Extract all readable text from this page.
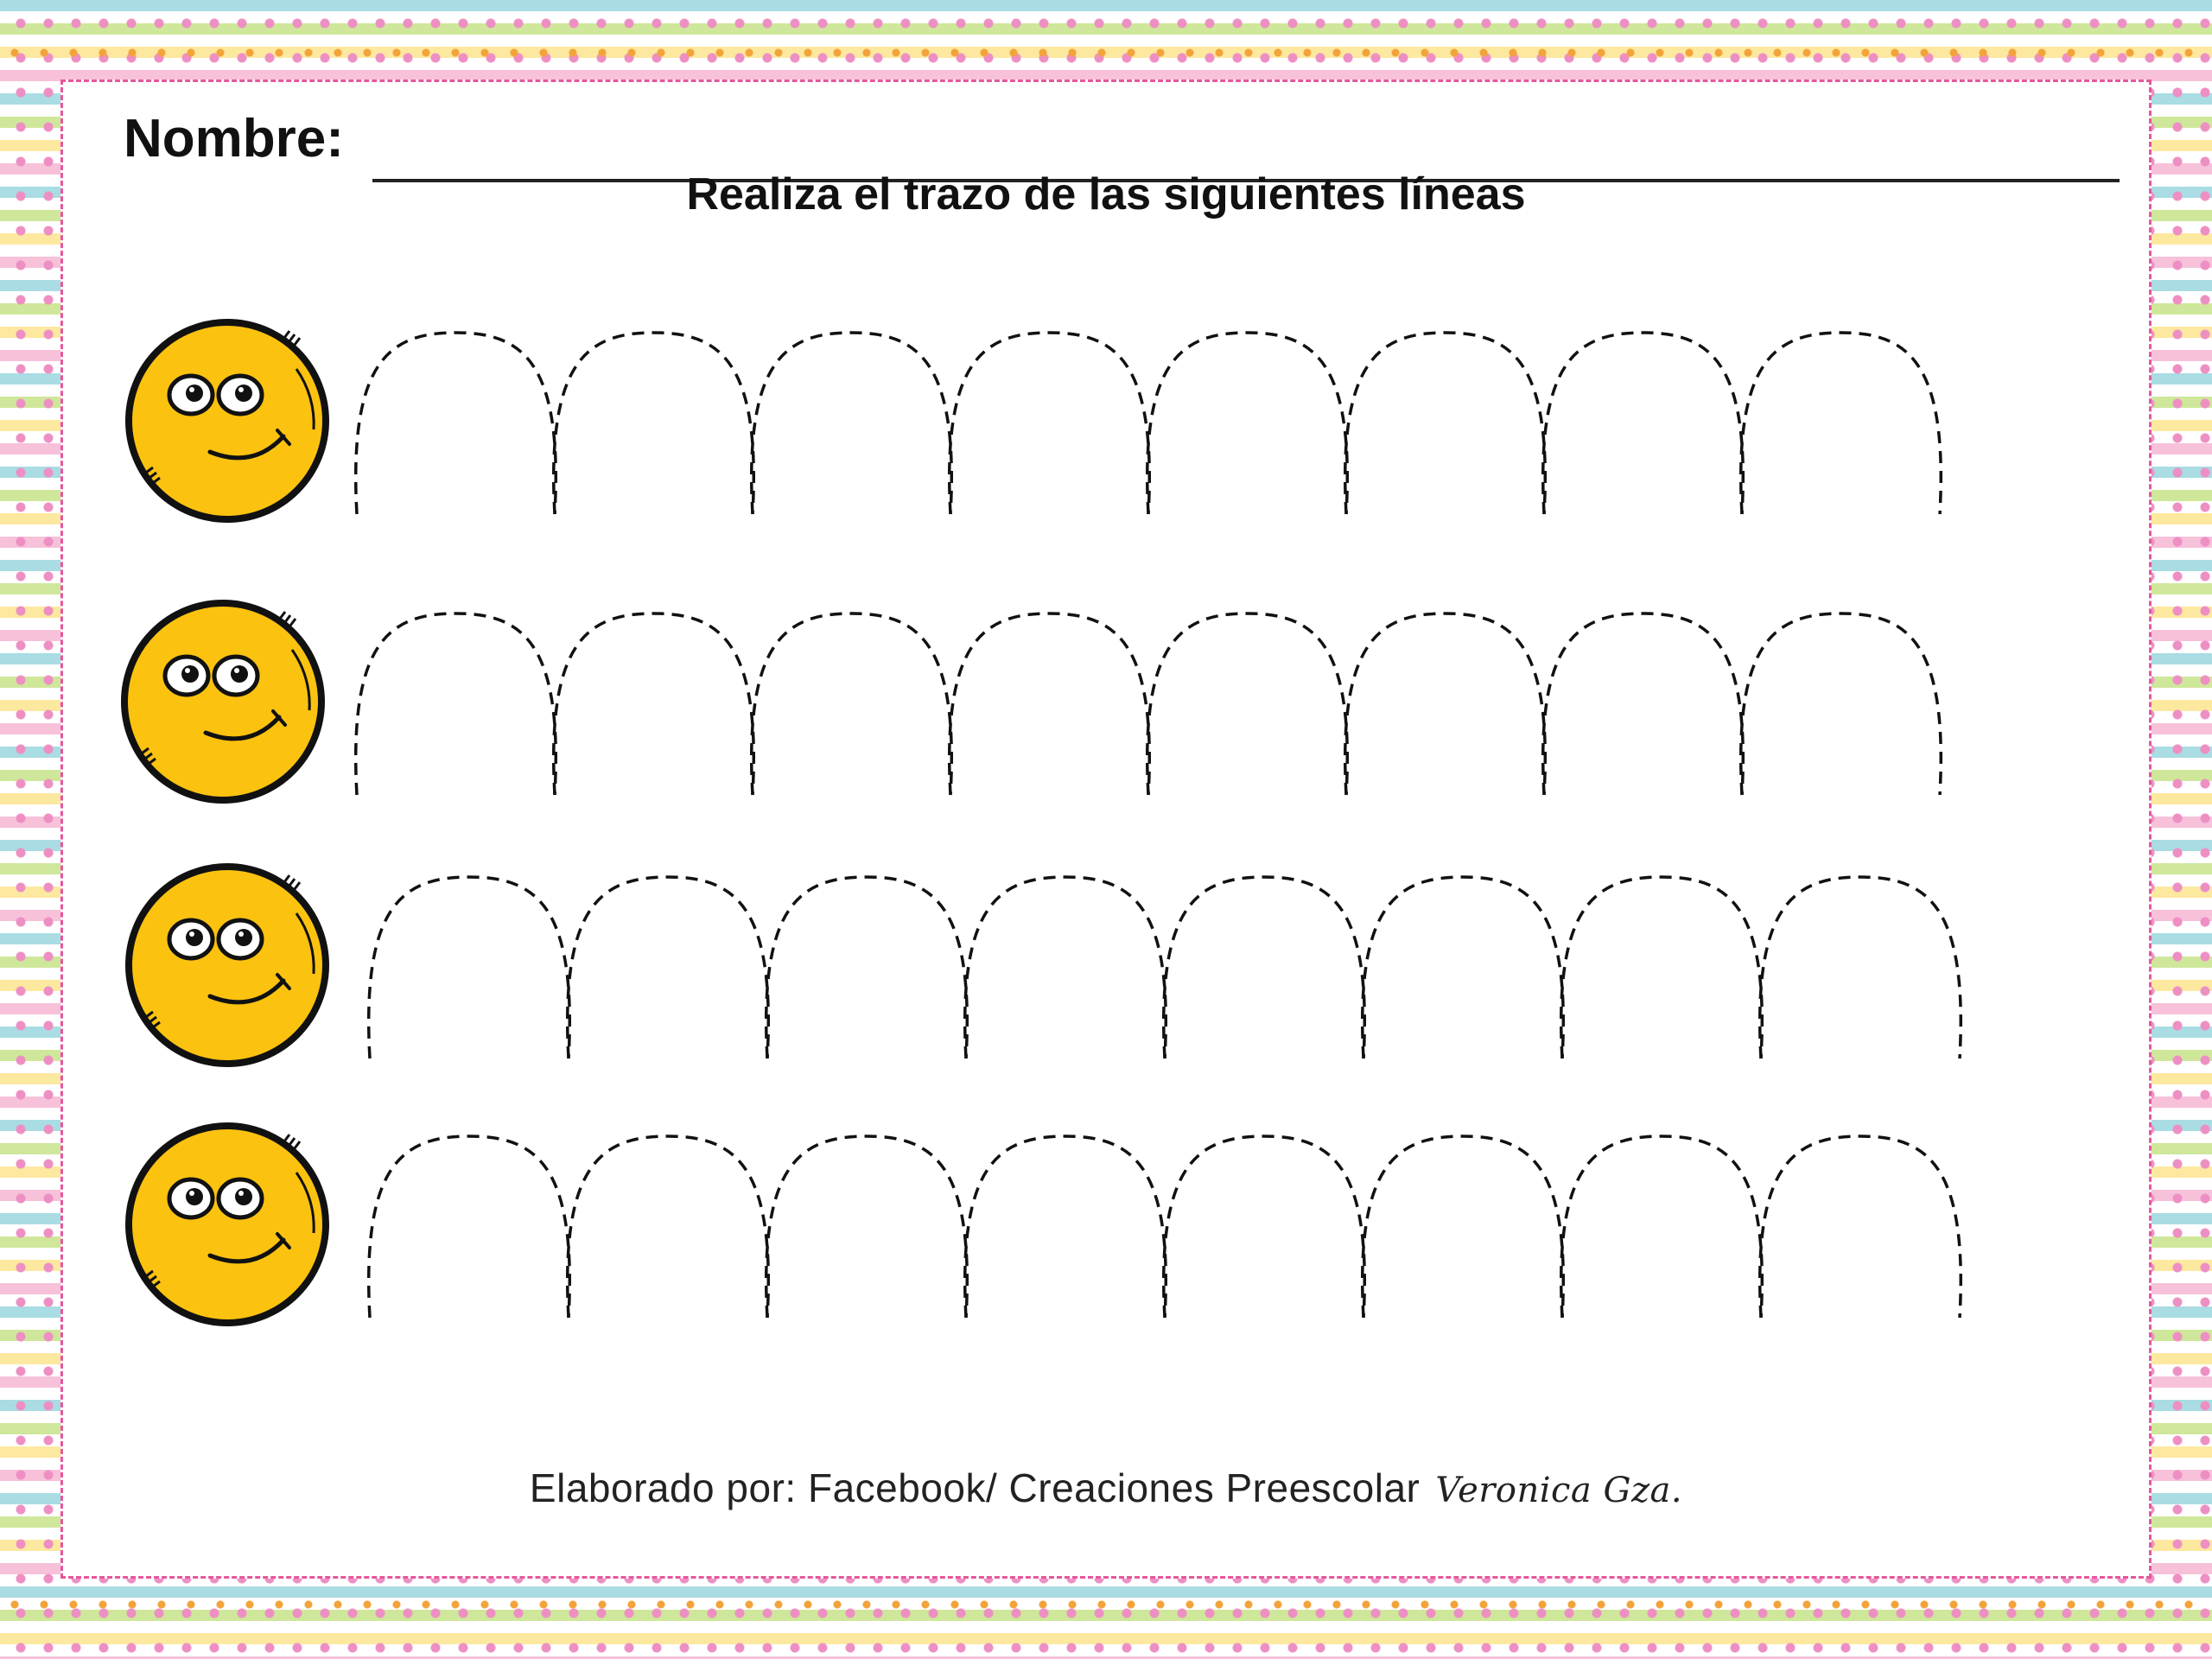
Nombre:
Realiza el trazo de las siguientes líneas
Elaborado por: Facebook/ Creaciones Preescolar Veronica Gza.
